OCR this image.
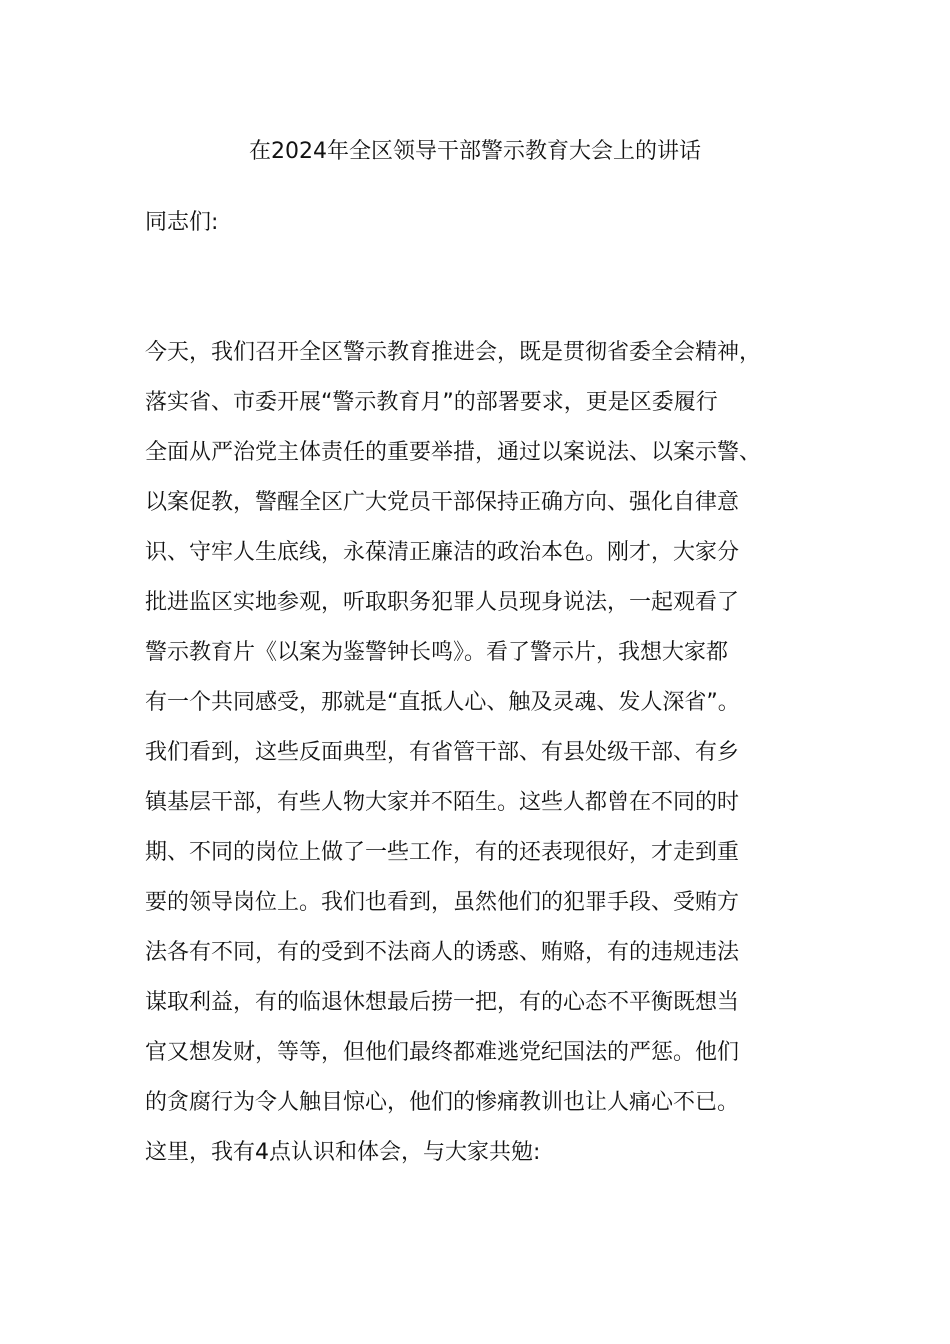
在2024年全区领导干部警示教育大会上的讲话
同志们:
今天，我们召开全区警示教育推进会，既是贯彻省委全会精神，
落实省、市委开展“警示教育月”的部署要求，更是区委履行
全面从严治党主体责任的重要举措，通过以案说法、以案示警、
以案促教，警醒全区广大党员干部保持正确方向、强化自律意
识、守牢人生底线，永葆清正廉洁的政治本色。刚才，大家分
批进监区实地参观，听取职务犯罪人员现身说法，一起观看了
警示教育片《以案为鉴警钟长鸣》。看了警示片，我想大家都
有一个共同感受，那就是“直抵人心、触及灵魂、发人深省”。
我们看到，这些反面典型，有省管干部、有县处级干部、有乡
镇基层干部，有些人物大家并不陌生。这些人都曾在不同的时
期、不同的岗位上做了一些工作，有的还表现很好，才走到重
要的领导岗位上。我们也看到，虽然他们的犯罪手段、受贿方
法各有不同，有的受到不法商人的诱惑、贿赂，有的违规违法
谋取利益，有的临退休想最后捞一把，有的心态不平衡既想当
官又想发财，等等，但他们最终都难逃党纪国法的严惩。他们
的贪腐行为令人触目惊心，他们的惨痛教训也让人痛心不已。
这里，我有4点认识和体会，与大家共勉:
